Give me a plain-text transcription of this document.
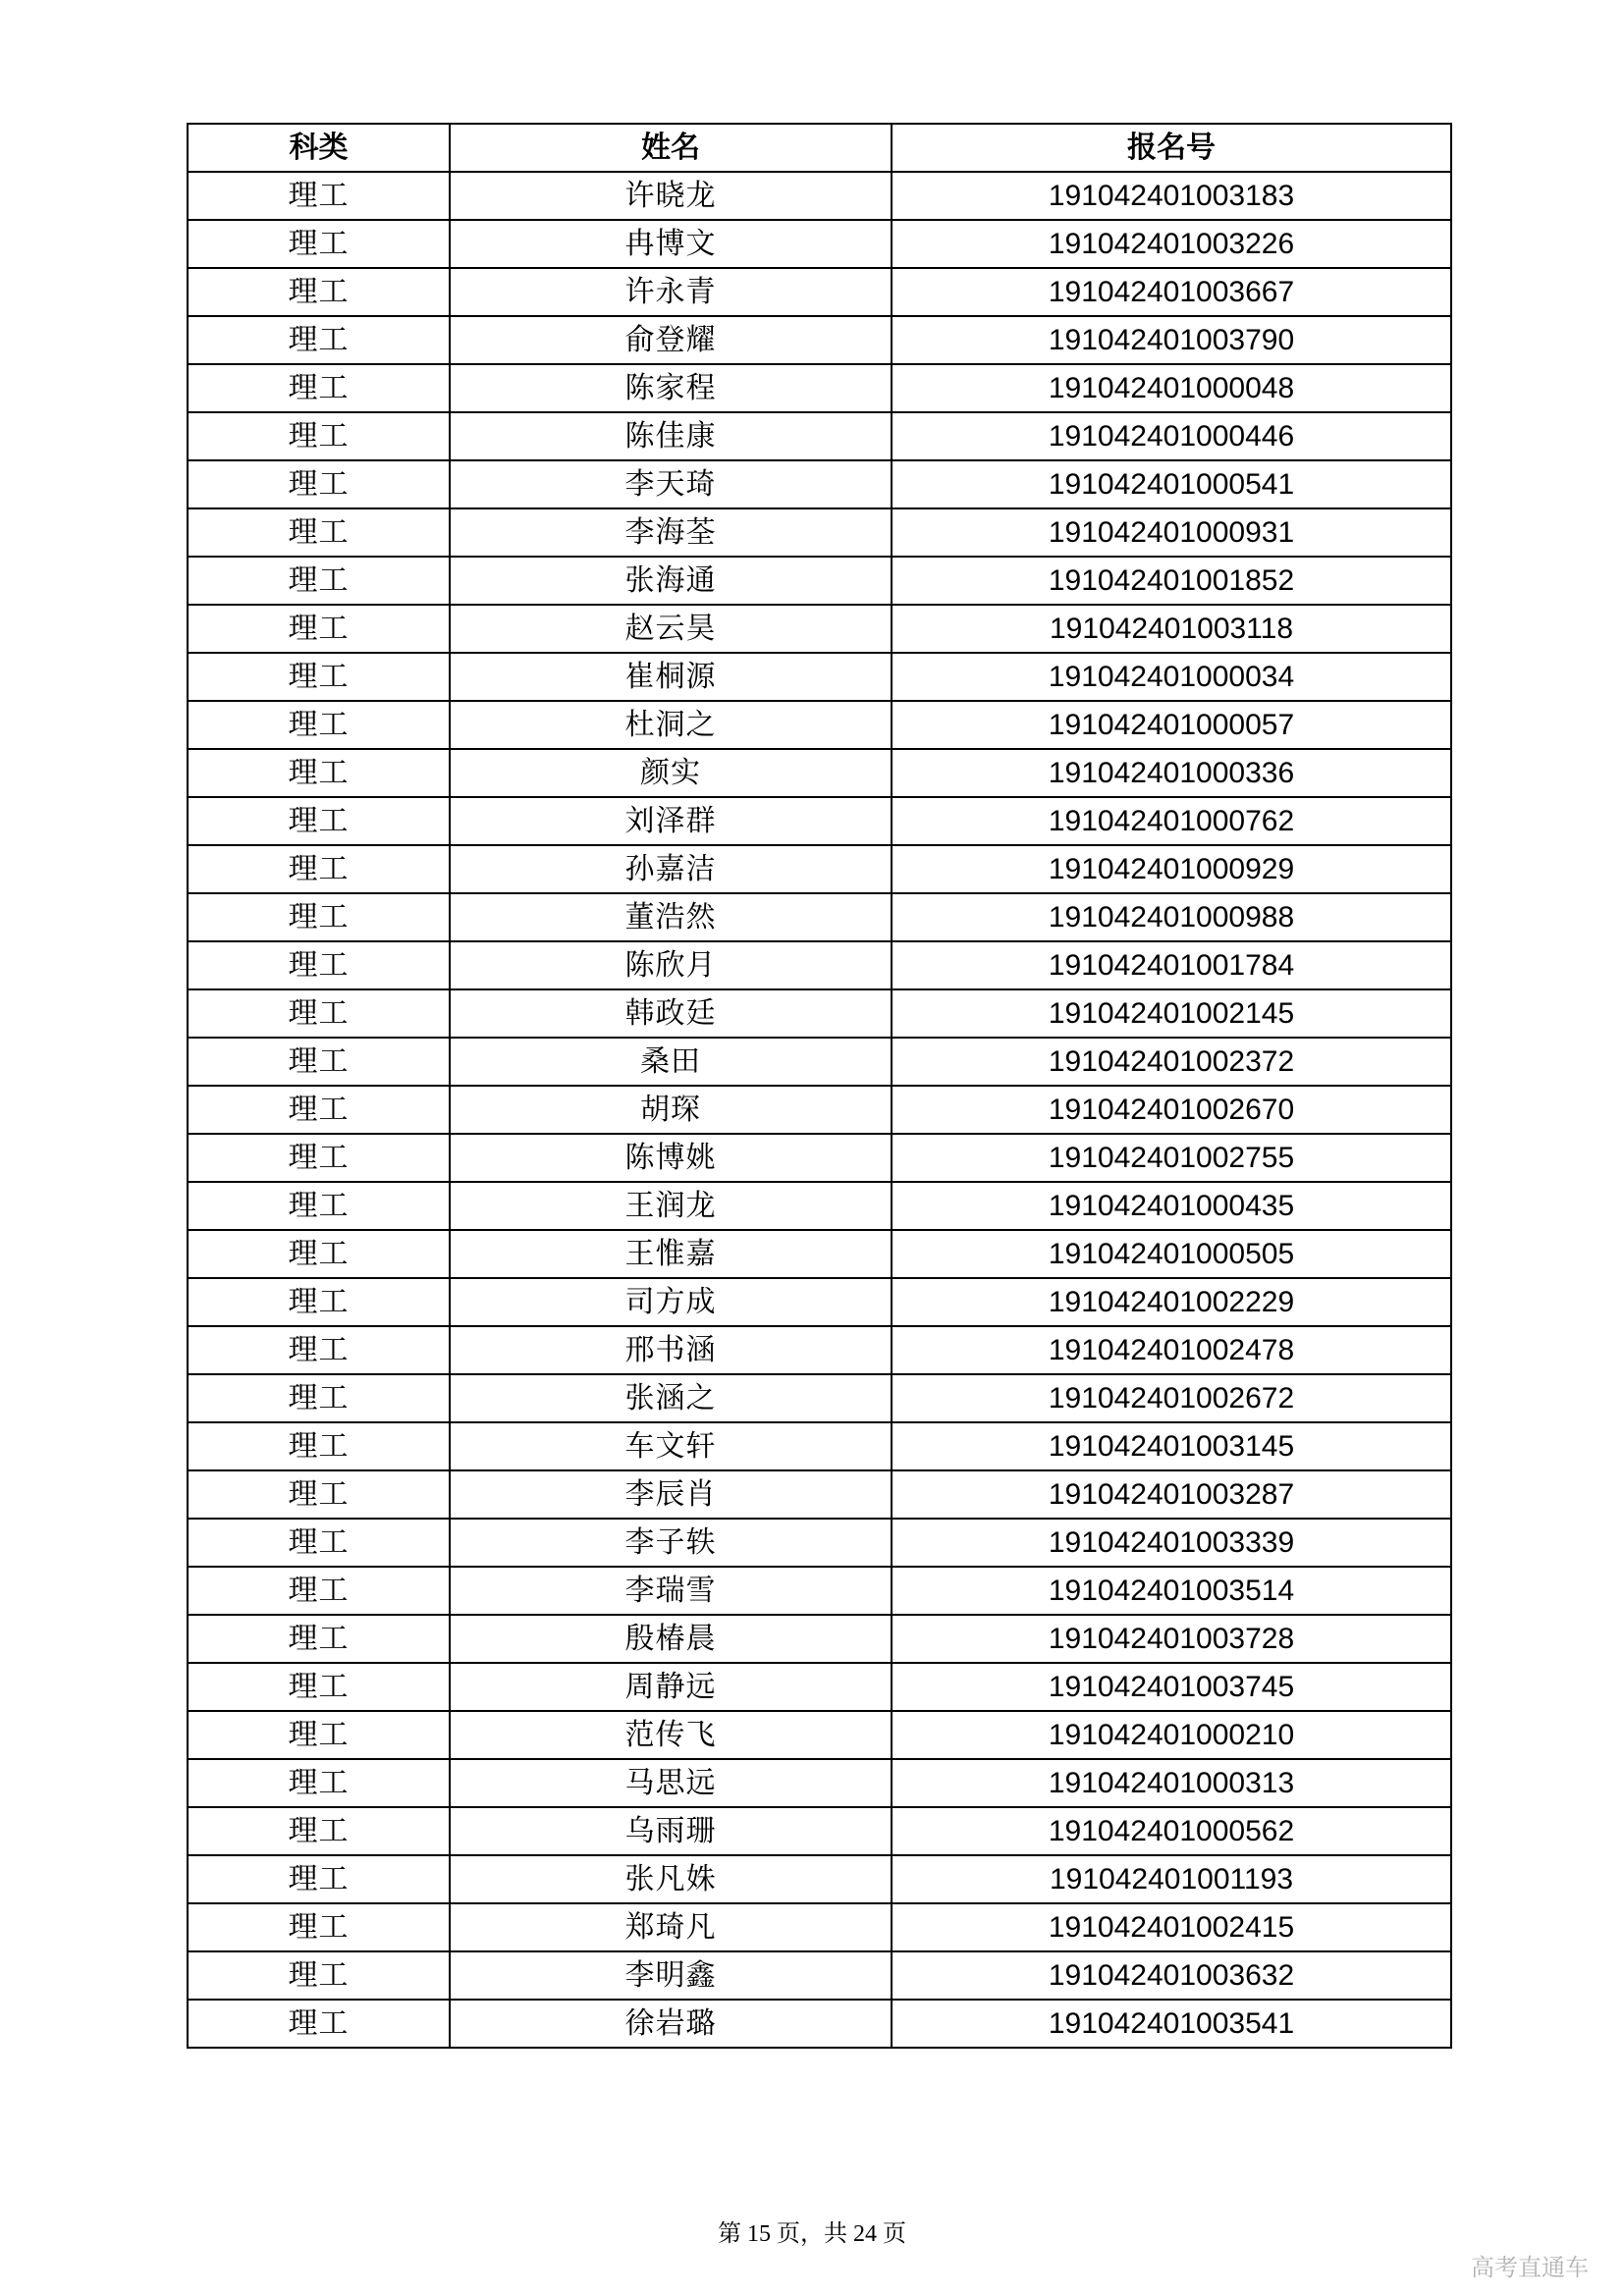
科类	姓名	报名号
理工	许晓龙	191042401003183
理工	冉博文	191042401003226
理工	许永青	191042401003667
理工	俞登耀	191042401003790
理工	陈家程	191042401000048
理工	陈佳康	191042401000446
理工	李天琦	191042401000541
理工	李海荃	191042401000931
理工	张海通	191042401001852
理工	赵云昊	191042401003118
理工	崔桐源	191042401000034
理工	杜洞之	191042401000057
理工	颜实	191042401000336
理工	刘泽群	191042401000762
理工	孙嘉洁	191042401000929
理工	董浩然	191042401000988
理工	陈欣月	191042401001784
理工	韩政廷	191042401002145
理工	桑田	191042401002372
理工	胡琛	191042401002670
理工	陈博姚	191042401002755
理工	王润龙	191042401000435
理工	王惟嘉	191042401000505
理工	司方成	191042401002229
理工	邢书涵	191042401002478
理工	张涵之	191042401002672
理工	车文轩	191042401003145
理工	李辰肖	191042401003287
理工	李子轶	191042401003339
理工	李瑞雪	191042401003514
理工	殷椿晨	191042401003728
理工	周静远	191042401003745
理工	范传飞	191042401000210
理工	马思远	191042401000313
理工	乌雨珊	191042401000562
理工	张凡姝	191042401001193
理工	郑琦凡	191042401002415
理工	李明鑫	191042401003632
理工	徐岩璐	191042401003541
第 15 页，共 24 页
高考直通车
